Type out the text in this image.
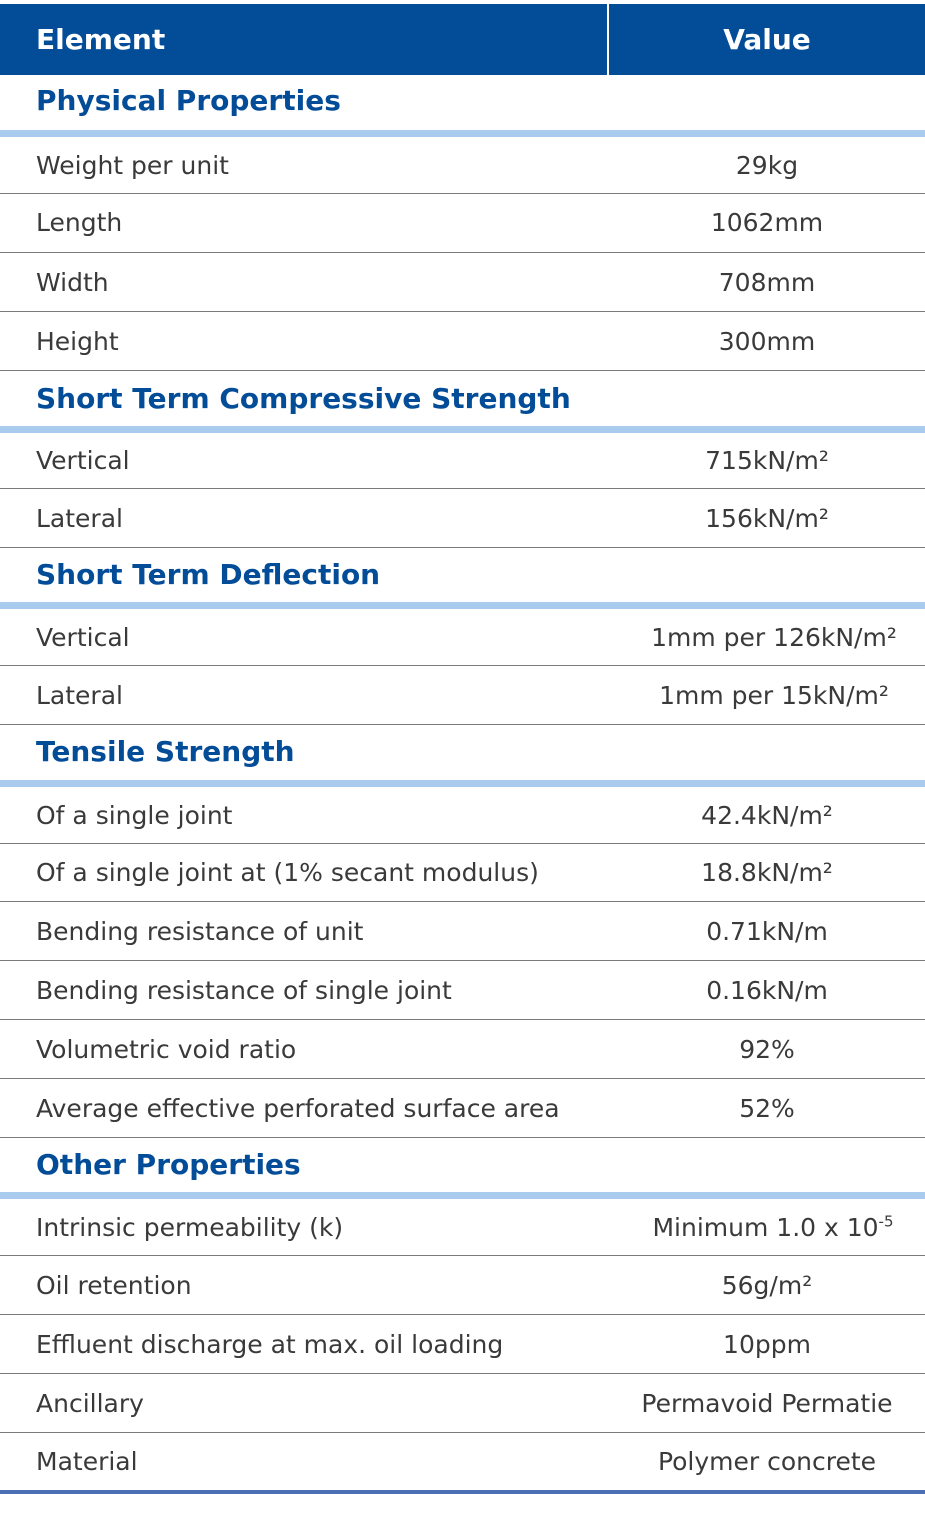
Element	Value
Physical Properties
Weight per unit	29kg
Length	1062mm
Width	708mm
Height	300mm
Short Term Compressive Strength
Vertical	715kN/m²
Lateral	156kN/m²
Short Term Deflection
Vertical	1mm per 126kN/m²
Lateral	1mm per 15kN/m²
Tensile Strength
Of a single joint	42.4kN/m²
Of a single joint at (1% secant modulus)	18.8kN/m²
Bending resistance of unit	0.71kN/m
Bending resistance of single joint	0.16kN/m
Volumetric void ratio	92%
Average effective perforated surface area	52%
Other Properties
Intrinsic permeability (k)	Minimum 1.0 x $10^{-5}$
Oil retention	56g/m²
Effluent discharge at max. oil loading	10ppm
Ancillary	Permavoid Permatie
Material	Polymer concrete
